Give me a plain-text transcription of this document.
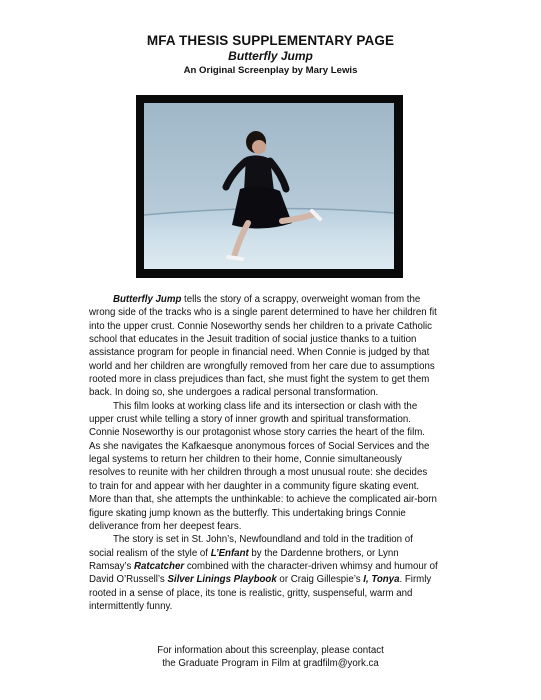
MFA THESIS SUPPLEMENTARY PAGE
Butterfly Jump
An Original Screenplay by Mary Lewis

Butterfly Jump tells the story of a scrappy, overweight woman from the
wrong side of the tracks who is a single parent determined to have her children fit
into the upper crust. Connie Noseworthy sends her children to a private Catholic
school that educates in the Jesuit tradition of social justice thanks to a tuition
assistance program for people in financial need. When Connie is judged by that
world and her children are wrongfully removed from her care due to assumptions
rooted more in class prejudices than fact, she must fight the system to get them
back. In doing so, she undergoes a radical personal transformation.

This film looks at working class life and its intersection or clash with the
upper crust while telling a story of inner growth and spiritual transformation.
Connie Noseworthy is our protagonist whose story carries the heart of the film.
As she navigates the Kafkaesque anonymous forces of Social Services and the
legal systems to return her children to their home, Connie simultaneously
resolves to reunite with her children through a most unusual route: she decides
to train for and appear with her daughter in a community figure skating event.
More than that, she attempts the unthinkable: to achieve the complicated air-born
figure skating jump known as the butterfly. This undertaking brings Connie
deliverance from her deepest fears.

The story is set in St. John’s, Newfoundland and told in the tradition of
social realism of the style of L’Enfant by the Dardenne brothers, or Lynn
Ramsay’s Ratcatcher combined with the character-driven whimsy and humour of
David O’Russell’s Silver Linings Playbook or Craig Gillespie’s I, Tonya. Firmly
rooted in a sense of place, its tone is realistic, gritty, suspenseful, warm and
intermittently funny.

For information about this screenplay, please contact
the Graduate Program in Film at gradfilm@york.ca
